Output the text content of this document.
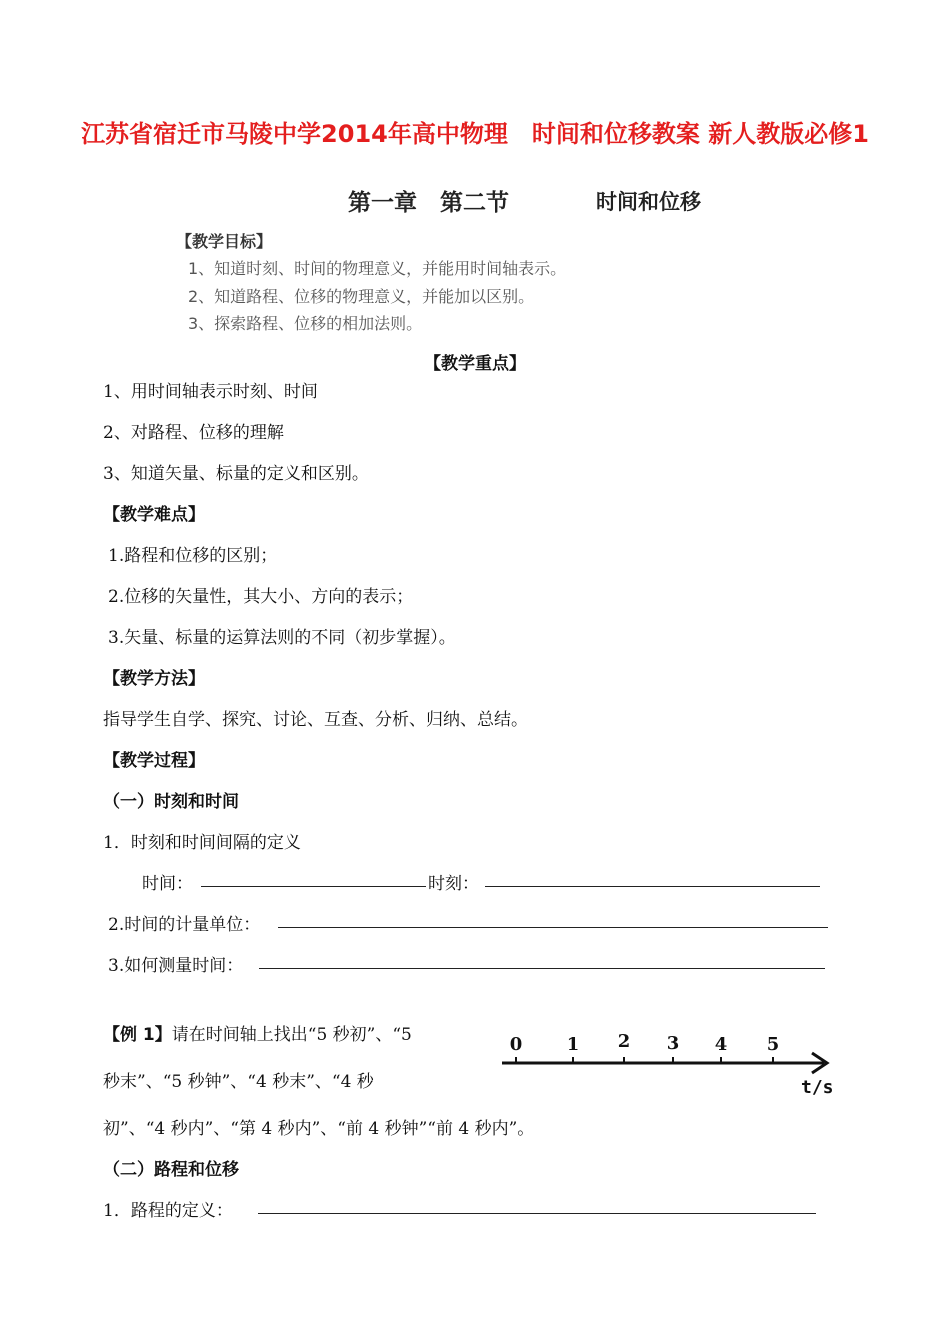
江苏省宿迁市马陵中学2014年高中物理　时间和位移教案 新人教版必修1
第一章　第二节	时间和位移
【教学目标】
1、知道时刻、时间的物理意义，并能用时间轴表示。
2、知道路程、位移的物理意义，并能加以区别。
3、探索路程、位移的相加法则。
【教学重点】
1、用时间轴表示时刻、时间
2、对路程、位移的理解
3、知道矢量、标量的定义和区别。
【教学难点】
1.路程和位移的区别；
2.位移的矢量性，其大小、方向的表示；
3.矢量、标量的运算法则的不同（初步掌握）。
【教学方法】
指导学生自学、探究、讨论、互查、分析、归纳、总结。
【教学过程】
（一）时刻和时间
1．时刻和时间间隔的定义
时间：	时刻：
2.时间的计量单位：
3.如何测量时间：
【例 1】请在时间轴上找出“5 秒初”、“5
秒末”、“5 秒钟”、“4 秒末”、“4 秒
初”、“4 秒内”、“第 4 秒内”、“前 4 秒钟”“前 4 秒内”。
0 1 2 3 4 5
t/s
（二）路程和位移
1．路程的定义：
